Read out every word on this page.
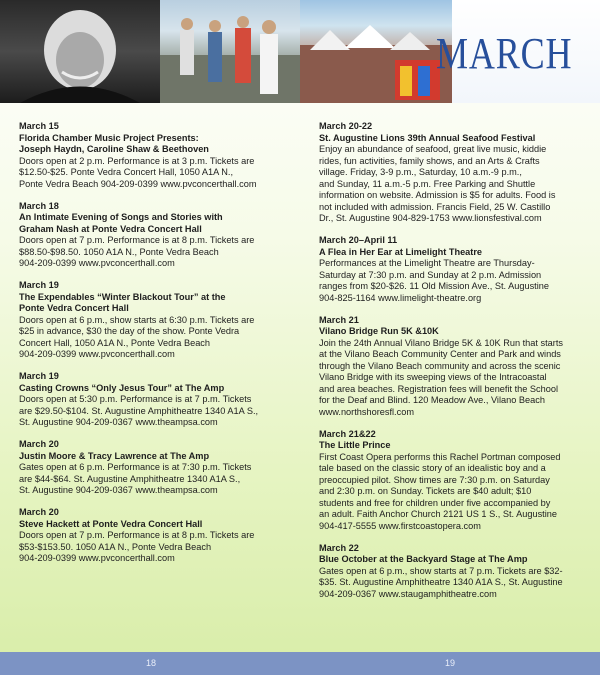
MARCH
March 15
Florida Chamber Music Project Presents:
Joseph Haydn, Caroline Shaw & Beethoven
Doors open at 2 p.m. Performance is at 3 p.m. Tickets are
$12.50-$25. Ponte Vedra Concert Hall, 1050 A1A N.,
Ponte Vedra Beach 904-209-0399 www.pvconcerthall.com
March 18
An Intimate Evening of Songs and Stories with
Graham Nash at Ponte Vedra Concert Hall
Doors open at 7 p.m. Performance is at 8 p.m. Tickets are
$88.50-$98.50. 1050 A1A N., Ponte Vedra Beach
904-209-0399 www.pvconcerthall.com
March 19
The Expendables “Winter Blackout Tour” at the
Ponte Vedra Concert Hall
Doors open at 6 p.m., show starts at 6:30 p.m. Tickets are
$25 in advance, $30 the day of the show. Ponte Vedra
Concert Hall, 1050 A1A N., Ponte Vedra Beach
904-209-0399 www.pvconcerthall.com
March 19
Casting Crowns “Only Jesus Tour” at The Amp
Doors open at 5:30 p.m. Performance is at 7 p.m. Tickets
are $29.50-$104. St. Augustine Amphitheatre 1340 A1A S.,
St. Augustine 904-209-0367 www.theampsa.com
March 20
Justin Moore & Tracy Lawrence at The Amp
Gates open at 6 p.m. Performance is at 7:30 p.m. Tickets
are $44-$64. St. Augustine Amphitheatre 1340 A1A S.,
St. Augustine 904-209-0367 www.theampsa.com
March 20
Steve Hackett at Ponte Vedra Concert Hall
Doors open at 7 p.m. Performance is at 8 p.m. Tickets are
$53-$153.50. 1050 A1A N., Ponte Vedra Beach
904-209-0399 www.pvconcerthall.com
March 20-22
St. Augustine Lions 39th Annual Seafood Festival
Enjoy an abundance of seafood, great live music, kiddie
rides, fun activities, family shows, and an Arts & Crafts
village. Friday, 3-9 p.m., Saturday, 10 a.m.-9 p.m.,
and Sunday, 11 a.m.-5 p.m. Free Parking and Shuttle
information on website. Admission is $5 for adults. Food is
not included with admission. Francis Field, 25 W. Castillo
Dr., St. Augustine 904-829-1753 www.lionsfestival.com
March 20–April 11
A Flea in Her Ear at Limelight Theatre
Performances at the Limelight Theatre are Thursday-
Saturday at 7:30 p.m. and Sunday at 2 p.m. Admission
ranges from $20-$26. 11 Old Mission Ave., St. Augustine
904-825-1164 www.limelight-theatre.org
March 21
Vilano Bridge Run 5K &10K
Join the 24th Annual Vilano Bridge 5K & 10K Run that starts
at the Vilano Beach Community Center and Park and winds
through the Vilano Beach community and across the scenic
Vilano Bridge with its sweeping views of the Intracoastal
and area beaches. Registration fees will benefit the School
for the Deaf and Blind. 120 Meadow Ave., Vilano Beach
www.northshoresfl.com
March 21&22
The Little Prince
First Coast Opera performs this Rachel Portman composed
tale based on the classic story of an idealistic boy and a
preoccupied pilot. Show times are 7:30 p.m. on Saturday
and 2:30 p.m. on Sunday. Tickets are $40 adult; $10
students and free for children under five accompanied by
an adult. Faith Anchor Church 2121 US 1 S., St. Augustine
904-417-5555 www.firstcoastopera.com
March 22
Blue October at the Backyard Stage at The Amp
Gates open at 6 p.m., show starts at 7 p.m. Tickets are $32-
$35. St. Augustine Amphitheatre 1340 A1A S., St. Augustine
904-209-0367 www.staugamphitheatre.com
18	19
